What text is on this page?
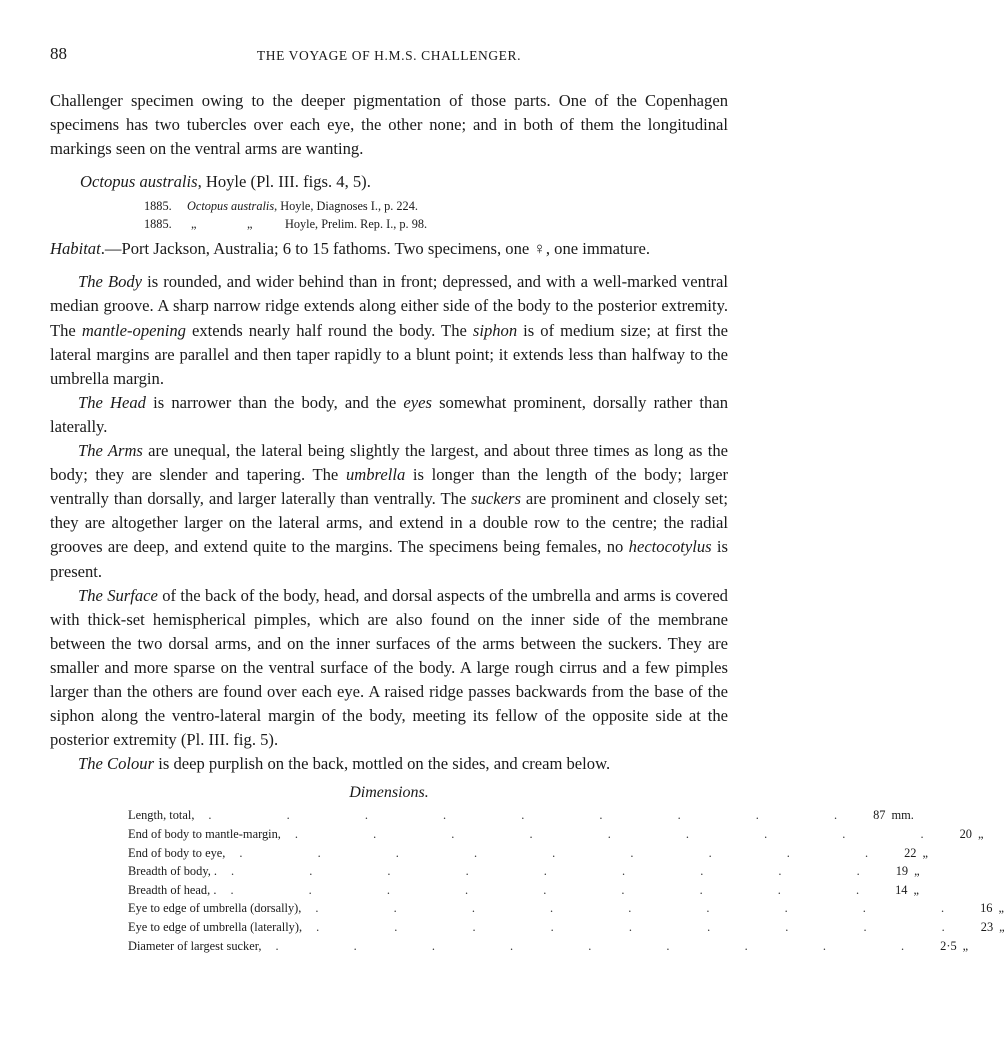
88	THE VOYAGE OF H.M.S. CHALLENGER.

Challenger specimen owing to the deeper pigmentation of those parts. One of the Copenhagen specimens has two tubercles over each eye, the other none; and in both of them the longitudinal markings seen on the ventral arms are wanting.

Octopus australis, Hoyle (Pl. III. figs. 4, 5).
1885.	Octopus australis, Hoyle, Diagnoses I., p. 224.
1885.	„	„	Hoyle, Prelim. Rep. I., p. 98.

Habitat.—Port Jackson, Australia; 6 to 15 fathoms. Two specimens, one ♀, one immature.

The Body is rounded, and wider behind than in front; depressed, and with a well-marked ventral median groove. A sharp narrow ridge extends along either side of the body to the posterior extremity. The mantle-opening extends nearly half round the body. The siphon is of medium size; at first the lateral margins are parallel and then taper rapidly to a blunt point; it extends less than halfway to the umbrella margin.

The Head is narrower than the body, and the eyes somewhat prominent, dorsally rather than laterally.

The Arms are unequal, the lateral being slightly the largest, and about three times as long as the body; they are slender and tapering. The umbrella is longer than the length of the body; larger ventrally than dorsally, and larger laterally than ventrally. The suckers are prominent and closely set; they are altogether larger on the lateral arms, and extend in a double row to the centre; the radial grooves are deep, and extend quite to the margins. The specimens being females, no hectocotylus is present.

The Surface of the back of the body, head, and dorsal aspects of the umbrella and arms is covered with thick-set hemispherical pimples, which are also found on the inner side of the membrane between the two dorsal arms, and on the inner surfaces of the arms between the suckers. They are smaller and more sparse on the ventral surface of the body. A large rough cirrus and a few pimples larger than the others are found over each eye. A raised ridge passes backwards from the base of the siphon along the ventro-lateral margin of the body, meeting its fellow of the opposite side at the posterior extremity (Pl. III. fig. 5).

The Colour is deep purplish on the back, mottled on the sides, and cream below.

Dimensions.
Length, total,	. . . . . . . . . 87 mm.
End of body to mantle-margin,	. . . . . . . . . 20 „
End of body to eye,	. . . . . . . . . 22 „
Breadth of body, .	. . . . . . . . . 19 „
Breadth of head, .	. . . . . . . . . 14 „
Eye to edge of umbrella (dorsally),	. . . . . . . . . 16 „
Eye to edge of umbrella (laterally),	. . . . . . . . . 23 „
Diameter of largest sucker,	. . . . . . . . . 2·5 „
